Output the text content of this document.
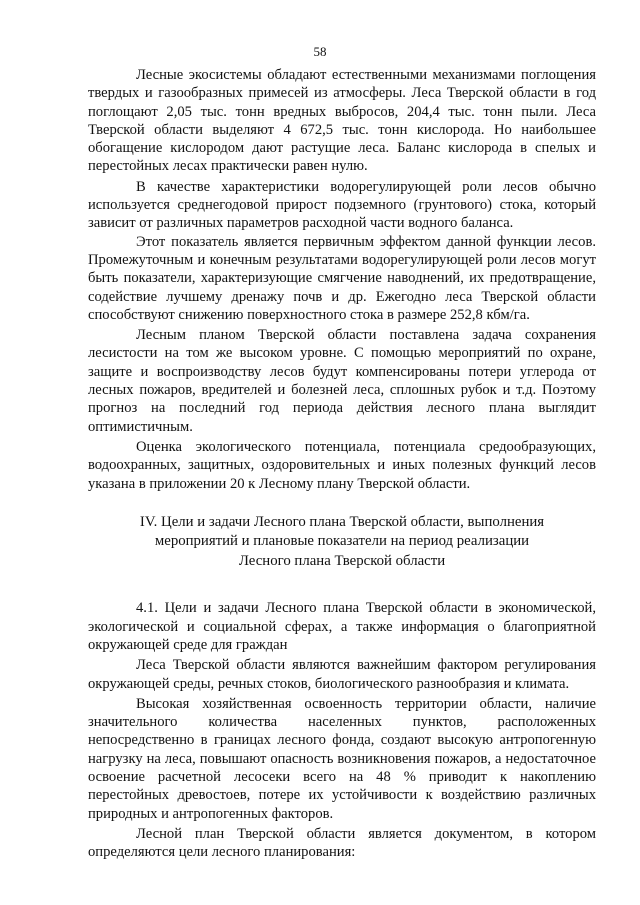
58

Лесные экосистемы обладают естественными механизмами поглощения твердых и газообразных примесей из атмосферы. Леса Тверской области в год поглощают 2,05 тыс. тонн вредных выбросов, 204,4 тыс. тонн пыли. Леса Тверской области выделяют 4 672,5 тыс. тонн кислорода. Но наибольшее обогащение кислородом дают растущие леса. Баланс кислорода в спелых и перестойных лесах практически равен нулю.

В качестве характеристики водорегулирующей роли лесов обычно используется среднегодовой прирост подземного (грунтового) стока, который зависит от различных параметров расходной части водного баланса.

Этот показатель является первичным эффектом данной функции лесов. Промежуточным и конечным результатами водорегулирующей роли лесов могут быть показатели, характеризующие смягчение наводнений, их предотвращение, содействие лучшему дренажу почв и др. Ежегодно леса Тверской области способствуют снижению поверхностного стока в размере 252,8 кбм/га.

Лесным планом Тверской области поставлена задача сохранения лесистости на том же высоком уровне. С помощью мероприятий по охране, защите и воспроизводству лесов будут компенсированы потери углерода от лесных пожаров, вредителей и болезней леса, сплошных рубок и т.д. Поэтому прогноз на последний год периода действия лесного плана выглядит оптимистичным.

Оценка экологического потенциала, потенциала средообразующих, водоохранных, защитных, оздоровительных и иных полезных функций лесов указана в приложении 20 к Лесному плану Тверской области.

IV. Цели и задачи Лесного плана Тверской области, выполнения
мероприятий и плановые показатели на период реализации
Лесного плана Тверской области

4.1. Цели и задачи Лесного плана Тверской области в экономической, экологической и социальной сферах, а также информация о благоприятной окружающей среде для граждан

Леса Тверской области являются важнейшим фактором регулирования окружающей среды, речных стоков, биологического разнообразия и климата.

Высокая хозяйственная освоенность территории области, наличие значительного количества населенных пунктов, расположенных непосредственно в границах лесного фонда, создают высокую антропогенную нагрузку на леса, повышают опасность возникновения пожаров, а недостаточное освоение расчетной лесосеки всего на 48 % приводит к накоплению перестойных древостоев, потере их устойчивости к воздействию различных природных и антропогенных факторов.

Лесной план Тверской области является документом, в котором определяются цели лесного планирования:
